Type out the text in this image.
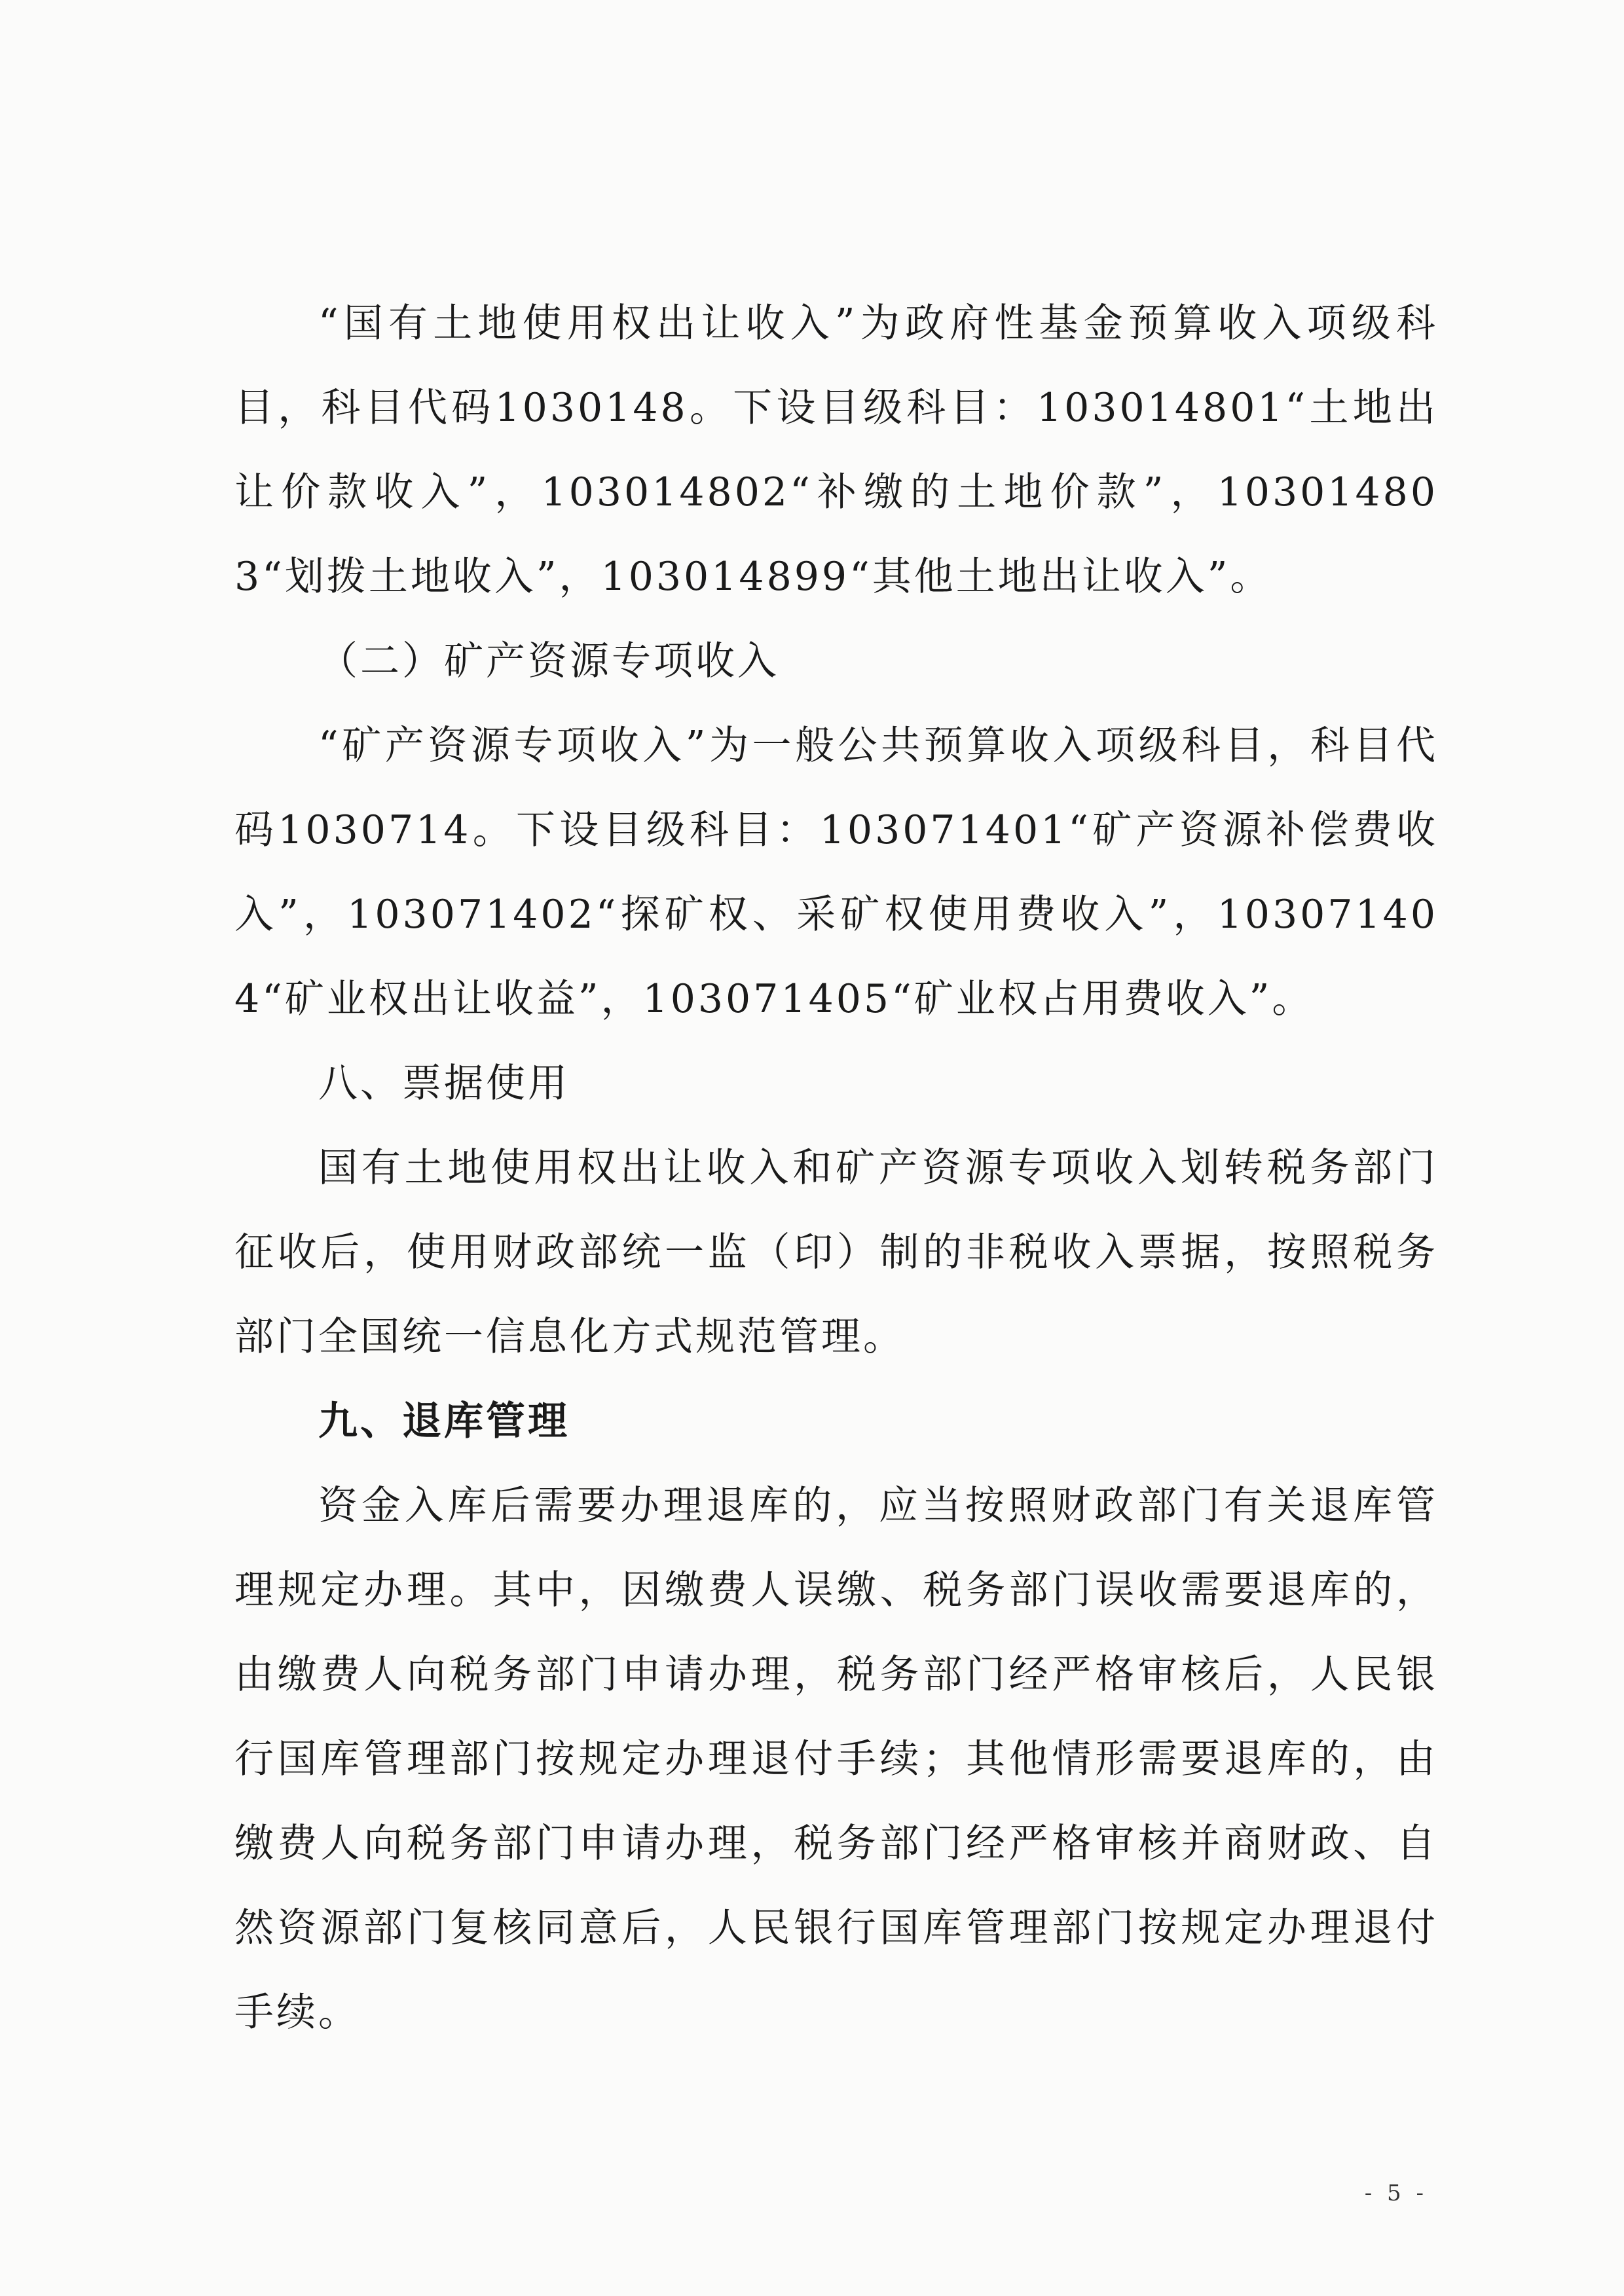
“国有土地使用权出让收入”为政府性基金预算收入项级科目，科目代码1030148。下设目级科目：103014801“土地出让价款收入”，103014802“补缴的土地价款”，103014803“划拨土地收入”，103014899“其他土地出让收入”。

（二）矿产资源专项收入

“矿产资源专项收入”为一般公共预算收入项级科目，科目代码1030714。下设目级科目：103071401“矿产资源补偿费收入”，103071402“探矿权、采矿权使用费收入”，103071404“矿业权出让收益”，103071405“矿业权占用费收入”。

八、票据使用

国有土地使用权出让收入和矿产资源专项收入划转税务部门征收后，使用财政部统一监（印）制的非税收入票据，按照税务部门全国统一信息化方式规范管理。

九、退库管理

资金入库后需要办理退库的，应当按照财政部门有关退库管理规定办理。其中，因缴费人误缴、税务部门误收需要退库的，由缴费人向税务部门申请办理，税务部门经严格审核后，人民银行国库管理部门按规定办理退付手续；其他情形需要退库的，由缴费人向税务部门申请办理，税务部门经严格审核并商财政、自然资源部门复核同意后，人民银行国库管理部门按规定办理退付手续。

- 5 -
